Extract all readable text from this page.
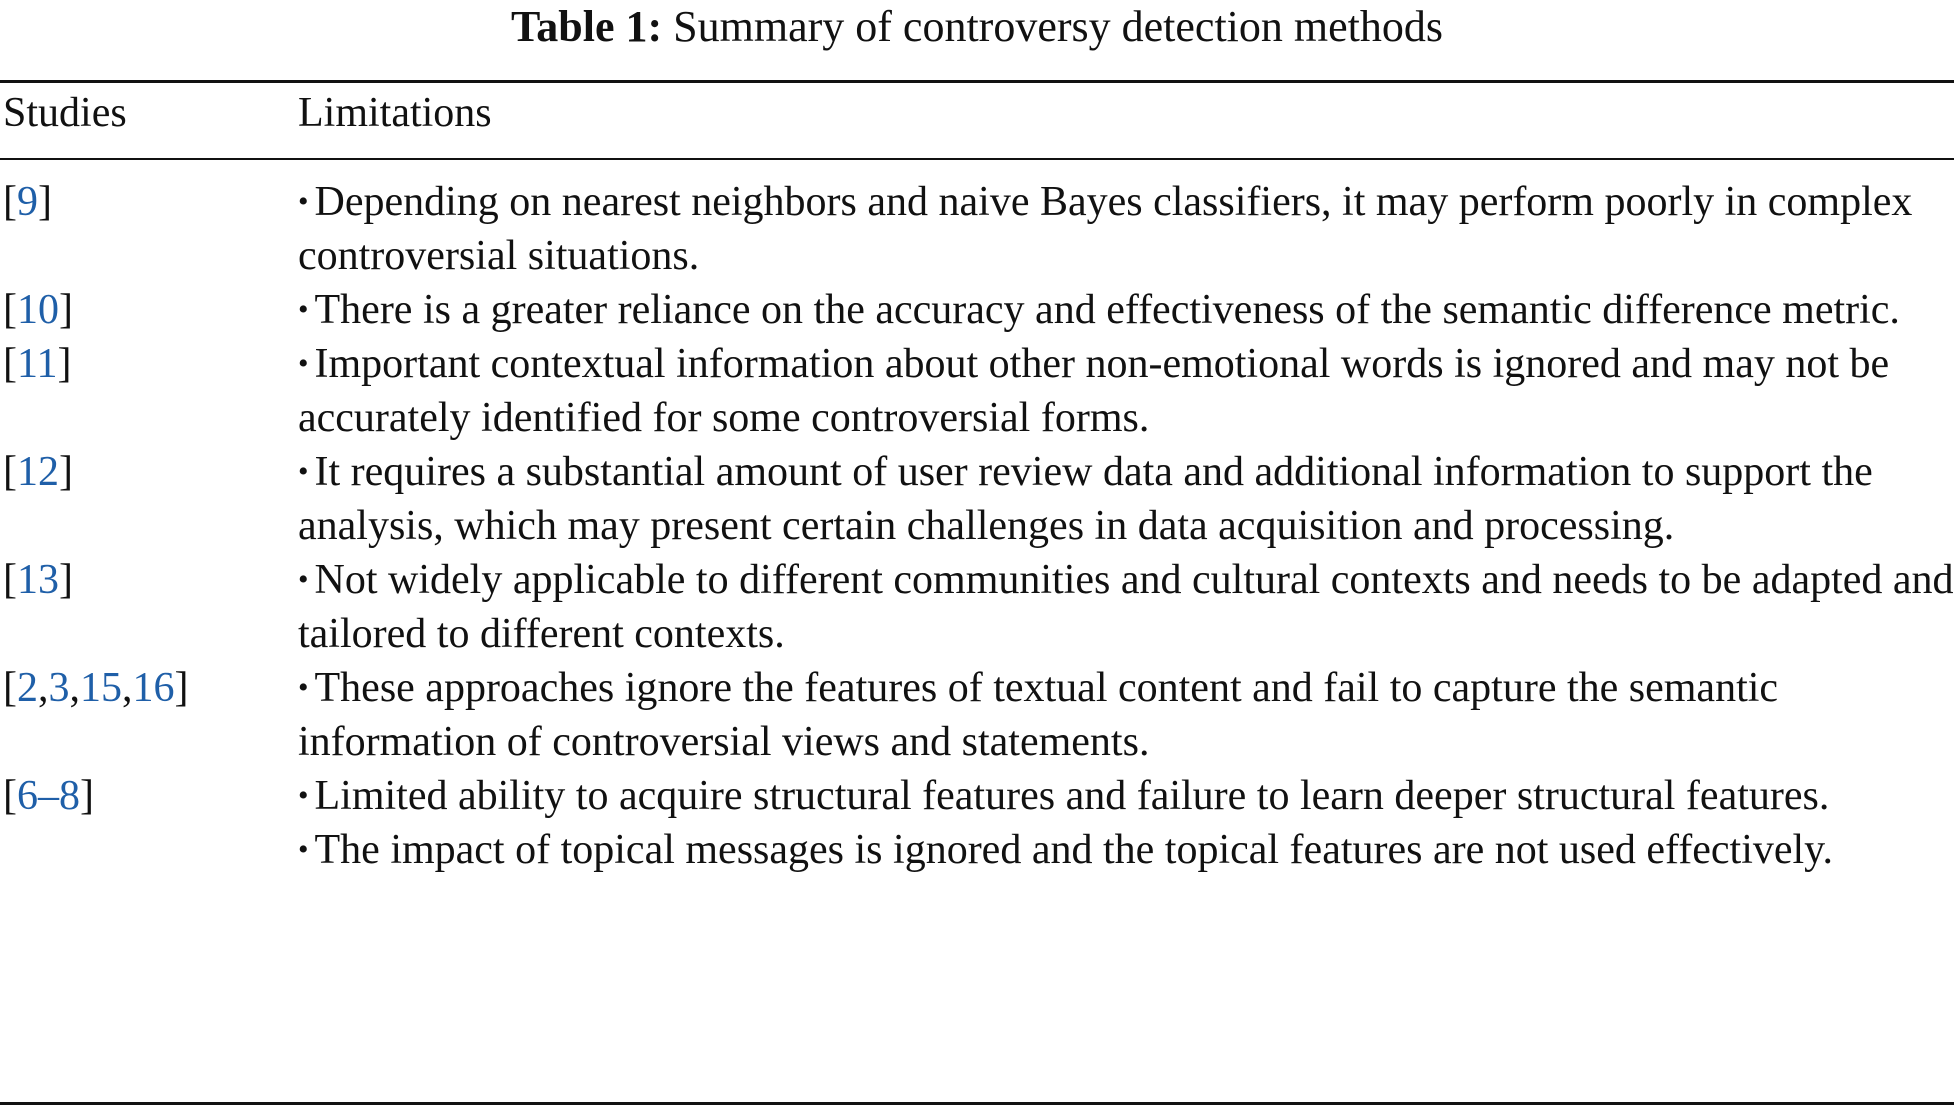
Table 1: Summary of controversy detection methods
Studies	Limitations
[9]	• Depending on nearest neighbors and naive Bayes classifiers, it may perform poorly in complex controversial situations.
[10]	• There is a greater reliance on the accuracy and effectiveness of the semantic difference metric.
[11]	• Important contextual information about other non-emotional words is ignored and may not be accurately identified for some controversial forms.
[12]	• It requires a substantial amount of user review data and additional information to support the analysis, which may present certain challenges in data acquisition and processing.
[13]	• Not widely applicable to different communities and cultural contexts and needs to be adapted and tailored to different contexts.
[2,3,15,16]	• These approaches ignore the features of textual content and fail to capture the semantic information of controversial views and statements.
[6–8]	• Limited ability to acquire structural features and failure to learn deeper structural features.
• The impact of topical messages is ignored and the topical features are not used effectively.
